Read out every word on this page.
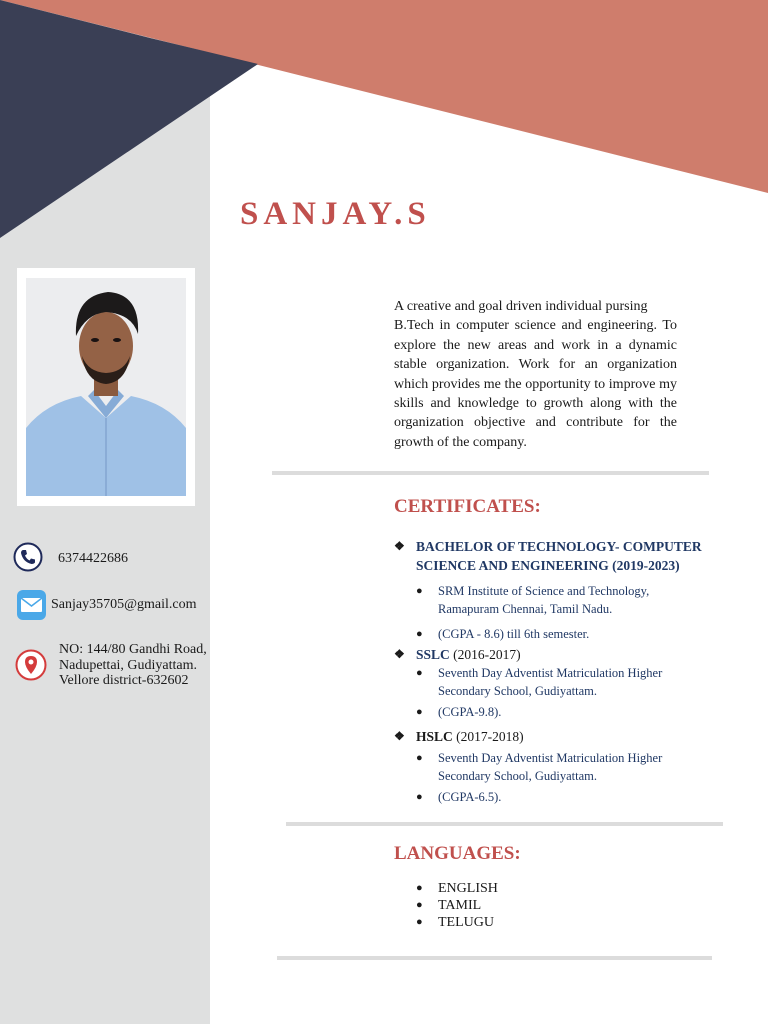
SANJAY.S
6374422686
Sanjay35705@gmail.com
NO: 144/80 Gandhi Road,
Nadupettai, Gudiyattam.
Vellore district-632602
A creative and goal driven individual pursing
B.Tech in computer science and engineering. To explore the new areas and work in a dynamic stable organization. Work for an organization which provides me the opportunity to improve my skills and knowledge to growth along with the organization objective and contribute for the growth of the company.
CERTIFICATES:
❖ BACHELOR OF TECHNOLOGY- COMPUTER SCIENCE AND ENGINEERING (2019-2023)
● SRM Institute of Science and Technology, Ramapuram Chennai, Tamil Nadu.
● (CGPA - 8.6) till 6th semester.
❖ SSLC (2016-2017)
● Seventh Day Adventist Matriculation Higher Secondary School, Gudiyattam.
● (CGPA-9.8).
❖ HSLC (2017-2018)
● Seventh Day Adventist Matriculation Higher Secondary School, Gudiyattam.
● (CGPA-6.5).
LANGUAGES:
● ENGLISH
● TAMIL
● TELUGU
